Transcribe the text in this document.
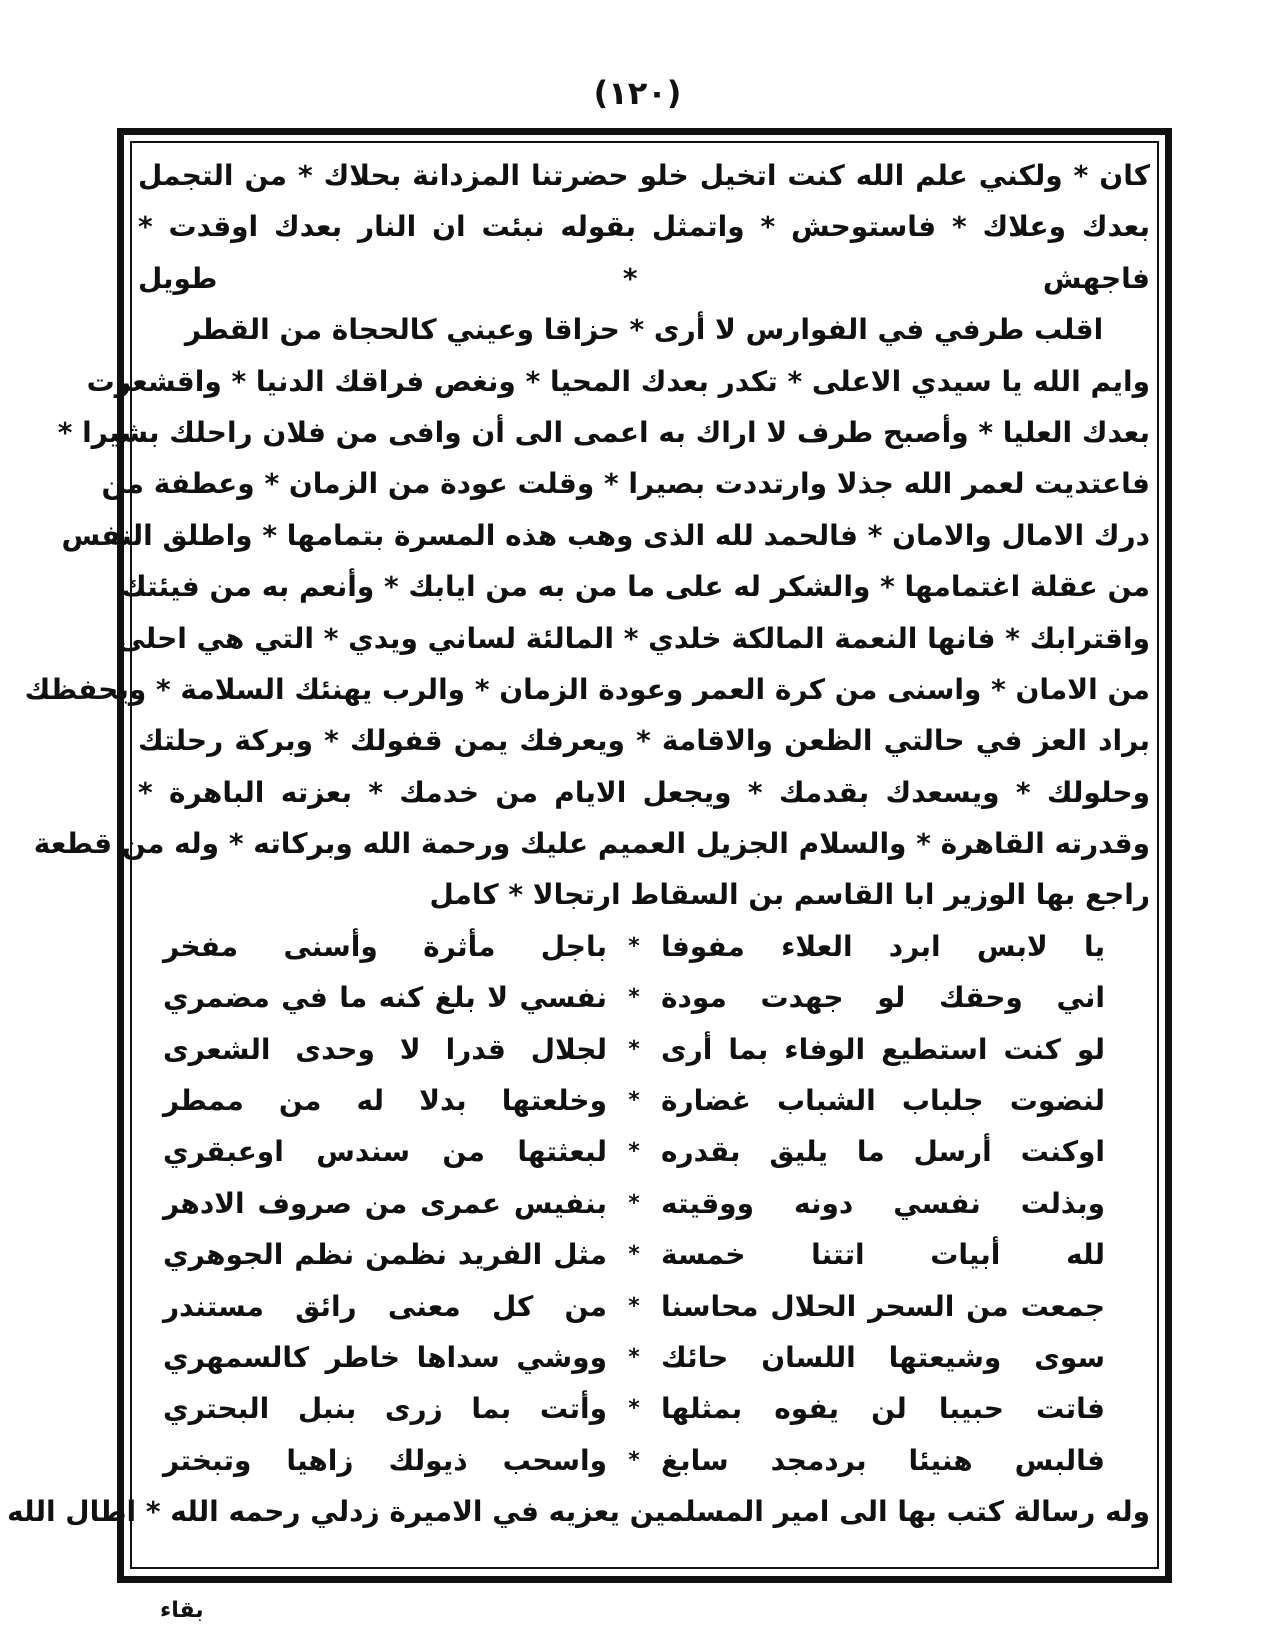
(١٢٠)
كان * ولكني علم الله كنت اتخيل خلو حضرتنا المزدانة بحلاك * من التجمل
بعدك وعلاك * فاستوحش * واتمثل بقوله نبئت ان النار بعدك اوقدت *
فاجهش * طويل
اقلب طرفي في الفوارس لا أرى * حزاقا وعيني كالحجاة من القطر
وايم الله يا سيدي الاعلى * تكدر بعدك المحيا * ونغص فراقك الدنيا * واقشعرت
بعدك العليا * وأصبح طرف لا اراك به اعمى الى أن وافى من فلان راحلك بشيرا *
فاعتديت لعمر الله جذلا وارتددت بصيرا * وقلت عودة من الزمان * وعطفة من
درك الامال والامان * فالحمد لله الذى وهب هذه المسرة بتمامها * واطلق النفس
من عقلة اغتمامها * والشكر له على ما من به من ايابك * وأنعم به من فيئتك
واقترابك * فانها النعمة المالكة خلدي * المالئة لساني ويدي * التي هي احلى
من الامان * واسنى من كرة العمر وعودة الزمان * والرب يهنئك السلامة * ويحفظك
براد العز في حالتي الظعن والاقامة * ويعرفك يمن قفولك * وبركة رحلتك
وحلولك * ويسعدك بقدمك * ويجعل الايام من خدمك * بعزته الباهرة *
وقدرته القاهرة * والسلام الجزيل العميم عليك ورحمة الله وبركاته * وله من قطعة
راجع بها الوزير ابا القاسم بن السقاط ارتجالا * كامل
يا لابس ابرد العلاء مفوفا
*
باجل مأثرة وأسنى مفخر
اني وحقك لو جهدت مودة
*
نفسي لا بلغ كنه ما في مضمري
لو كنت استطيع الوفاء بما أرى
*
لجلال قدرا لا وحدى الشعرى
لنضوت جلباب الشباب غضارة
*
وخلعتها بدلا له من ممطر
اوكنت أرسل ما يليق بقدره
*
لبعثتها من سندس اوعبقري
وبذلت نفسي دونه ووقيته
*
بنفيس عمرى من صروف الادهر
لله أبيات اتتنا خمسة
*
مثل الفريد نظمن نظم الجوهري
جمعت من السحر الحلال محاسنا
*
من كل معنى رائق مستندر
سوى وشيعتها اللسان حائك
*
ووشي سداها خاطر كالسمهري
فاتت حبيبا لن يفوه بمثلها
*
وأتت بما زرى بنبل البحتري
فالبس هنيئا بردمجد سابغ
*
واسحب ذيولك زاهيا وتبختر
وله رسالة كتب بها الى امير المسلمين يعزيه في الاميرة زدلي رحمه الله * اطال الله
بقاء
